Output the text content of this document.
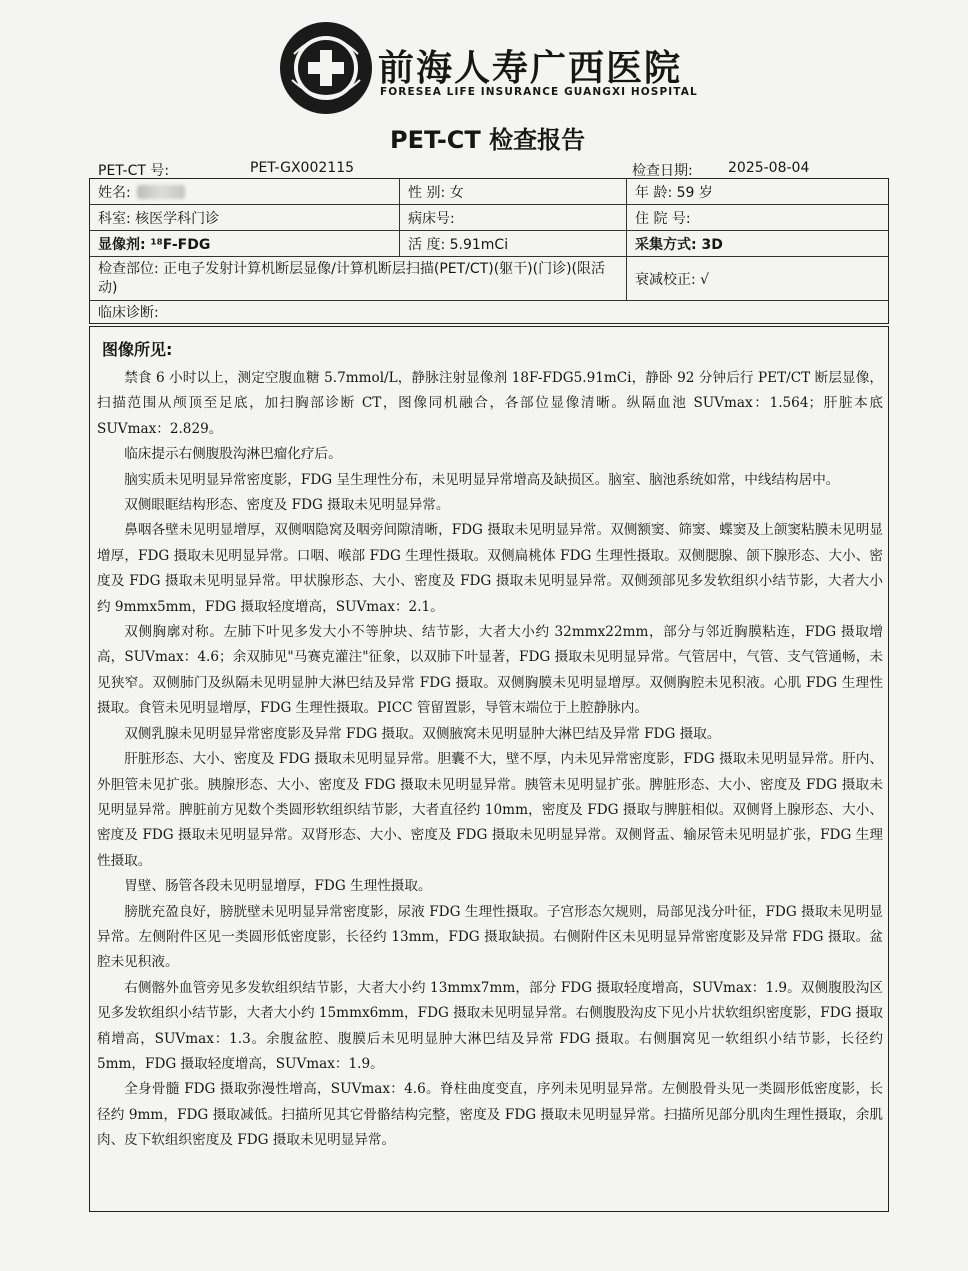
前海人寿广西医院
FORESEA LIFE INSURANCE GUANGXI HOSPITAL
PET-CT 检查报告
PET-CT 号:	PET-GX002115	检查日期:	2025-08-04
姓名:	性 别: 女	年 龄: 59 岁
科室: 核医学科门诊	病床号:	住 院 号:
显像剂: ¹⁸F-FDG	活 度: 5.91mCi	采集方式: 3D
检查部位: 正电子发射计算机断层显像/计算机断层扫描(PET/CT)(躯干)(门诊)(限活动)
衰减校正: √
临床诊断:
图像所见:

禁食 6 小时以上，测定空腹血糖 5.7mmol/L，静脉注射显像剂 18F-FDG5.91mCi，静卧 92 分钟后行 PET/CT 断层显像，扫描范围从颅顶至足底，加扫胸部诊断 CT，图像同机融合，各部位显像清晰。纵隔血池 SUVmax：1.564；肝脏本底 SUVmax：2.829。

临床提示右侧腹股沟淋巴瘤化疗后。

脑实质未见明显异常密度影，FDG 呈生理性分布，未见明显异常增高及缺损区。脑室、脑池系统如常，中线结构居中。

双侧眼眶结构形态、密度及 FDG 摄取未见明显异常。

鼻咽各壁未见明显增厚，双侧咽隐窝及咽旁间隙清晰，FDG 摄取未见明显异常。双侧额窦、筛窦、蝶窦及上颌窦粘膜未见明显增厚，FDG 摄取未见明显异常。口咽、喉部 FDG 生理性摄取。双侧扁桃体 FDG 生理性摄取。双侧腮腺、颌下腺形态、大小、密度及 FDG 摄取未见明显异常。甲状腺形态、大小、密度及 FDG 摄取未见明显异常。双侧颈部见多发软组织小结节影，大者大小约 9mmx5mm，FDG 摄取轻度增高，SUVmax：2.1。

双侧胸廓对称。左肺下叶见多发大小不等肿块、结节影，大者大小约 32mmx22mm，部分与邻近胸膜粘连，FDG 摄取增高，SUVmax：4.6；余双肺见"马赛克灌注"征象，以双肺下叶显著，FDG 摄取未见明显异常。气管居中，气管、支气管通畅，未见狭窄。双侧肺门及纵隔未见明显肿大淋巴结及异常 FDG 摄取。双侧胸膜未见明显增厚。双侧胸腔未见积液。心肌 FDG 生理性摄取。食管未见明显增厚，FDG 生理性摄取。PICC 管留置影，导管末端位于上腔静脉内。

双侧乳腺未见明显异常密度影及异常 FDG 摄取。双侧腋窝未见明显肿大淋巴结及异常 FDG 摄取。

肝脏形态、大小、密度及 FDG 摄取未见明显异常。胆囊不大，壁不厚，内未见异常密度影，FDG 摄取未见明显异常。肝内、外胆管未见扩张。胰腺形态、大小、密度及 FDG 摄取未见明显异常。胰管未见明显扩张。脾脏形态、大小、密度及 FDG 摄取未见明显异常。脾脏前方见数个类圆形软组织结节影，大者直径约 10mm，密度及 FDG 摄取与脾脏相似。双侧肾上腺形态、大小、密度及 FDG 摄取未见明显异常。双肾形态、大小、密度及 FDG 摄取未见明显异常。双侧肾盂、输尿管未见明显扩张，FDG 生理性摄取。

胃壁、肠管各段未见明显增厚，FDG 生理性摄取。

膀胱充盈良好，膀胱壁未见明显异常密度影，尿液 FDG 生理性摄取。子宫形态欠规则，局部见浅分叶征，FDG 摄取未见明显异常。左侧附件区见一类圆形低密度影，长径约 13mm，FDG 摄取缺损。右侧附件区未见明显异常密度影及异常 FDG 摄取。盆腔未见积液。

右侧髂外血管旁见多发软组织结节影，大者大小约 13mmx7mm，部分 FDG 摄取轻度增高，SUVmax：1.9。双侧腹股沟区见多发软组织小结节影，大者大小约 15mmx6mm，FDG 摄取未见明显异常。右侧腹股沟皮下见小片状软组织密度影，FDG 摄取稍增高，SUVmax：1.3。余腹盆腔、腹膜后未见明显肿大淋巴结及异常 FDG 摄取。右侧腘窝见一软组织小结节影，长径约 5mm，FDG 摄取轻度增高，SUVmax：1.9。

全身骨髓 FDG 摄取弥漫性增高，SUVmax：4.6。脊柱曲度变直，序列未见明显异常。左侧股骨头见一类圆形低密度影，长径约 9mm，FDG 摄取减低。扫描所见其它骨骼结构完整，密度及 FDG 摄取未见明显异常。扫描所见部分肌肉生理性摄取，余肌肉、皮下软组织密度及 FDG 摄取未见明显异常。
